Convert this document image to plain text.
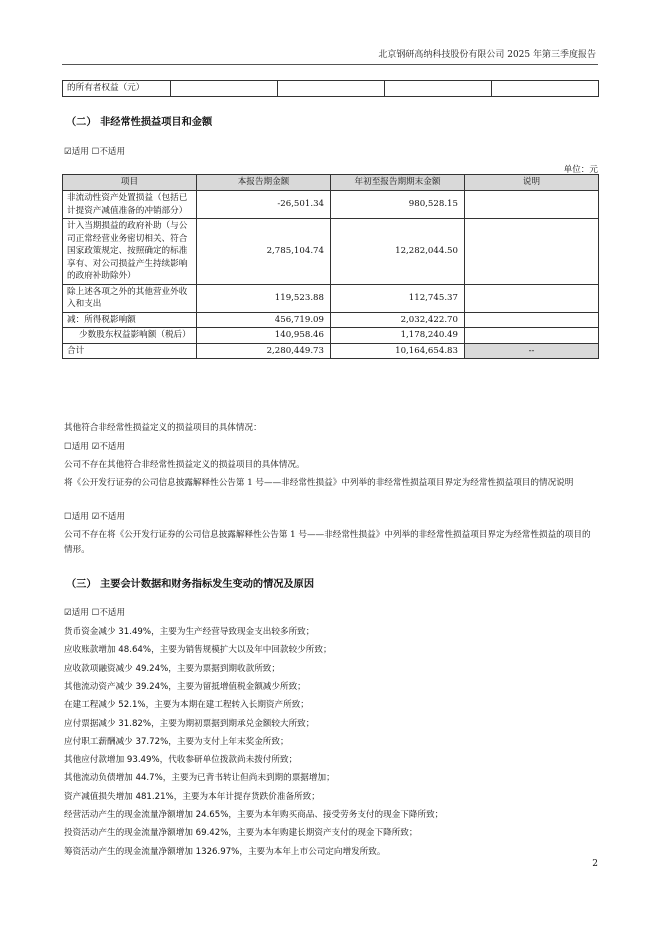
北京钢研高纳科技股份有限公司 2025 年第三季度报告
的所有者权益（元）				
（二） 非经常性损益项目和金额
☑适用 ☐不适用
单位：元
项目	本报告期金额	年初至报告期期末金额	说明
非流动性资产处置损益（包括已计提资产减值准备的冲销部分）	-26,501.34	980,528.15	
计入当期损益的政府补助（与公司正常经营业务密切相关、符合国家政策规定、按照确定的标准享有、对公司损益产生持续影响的政府补助除外）	2,785,104.74	12,282,044.50	
除上述各项之外的其他营业外收入和支出	119,523.88	112,745.37	
减：所得税影响额	456,719.09	2,032,422.70	
少数股东权益影响额（税后）	140,958.46	1,178,240.49	
合计	2,280,449.73	10,164,654.83	--
其他符合非经常性损益定义的损益项目的具体情况：
☐适用 ☑不适用
公司不存在其他符合非经常性损益定义的损益项目的具体情况。
将《公开发行证券的公司信息披露解释性公告第 1 号——非经常性损益》中列举的非经常性损益项目界定为经常性损益项目的情况说明
☐适用 ☑不适用
公司不存在将《公开发行证券的公司信息披露解释性公告第 1 号——非经常性损益》中列举的非经常性损益项目界定为经常性损益的项目的情形。
（三） 主要会计数据和财务指标发生变动的情况及原因
☑适用 ☐不适用
货币资金减少 31.49%，主要为生产经营导致现金支出较多所致；
应收账款增加 48.64%，主要为销售规模扩大以及年中回款较少所致；
应收款项融资减少 49.24%，主要为票据到期收款所致；
其他流动资产减少 39.24%，主要为留抵增值税金额减少所致；
在建工程减少 52.1%，主要为本期在建工程转入长期资产所致；
应付票据减少 31.82%，主要为期初票据到期承兑金额较大所致；
应付职工薪酬减少 37.72%，主要为支付上年末奖金所致；
其他应付款增加 93.49%，代收参研单位拨款尚未拨付所致；
其他流动负债增加 44.7%，主要为已背书转让但尚未到期的票据增加；
资产减值损失增加 481.21%，主要为本年计提存货跌价准备所致；
经营活动产生的现金流量净额增加 24.65%，主要为本年购买商品、接受劳务支付的现金下降所致；
投资活动产生的现金流量净额增加 69.42%，主要为本年购建长期资产支付的现金下降所致；
筹资活动产生的现金流量净额增加 1326.97%，主要为本年上市公司定向增发所致。
2
